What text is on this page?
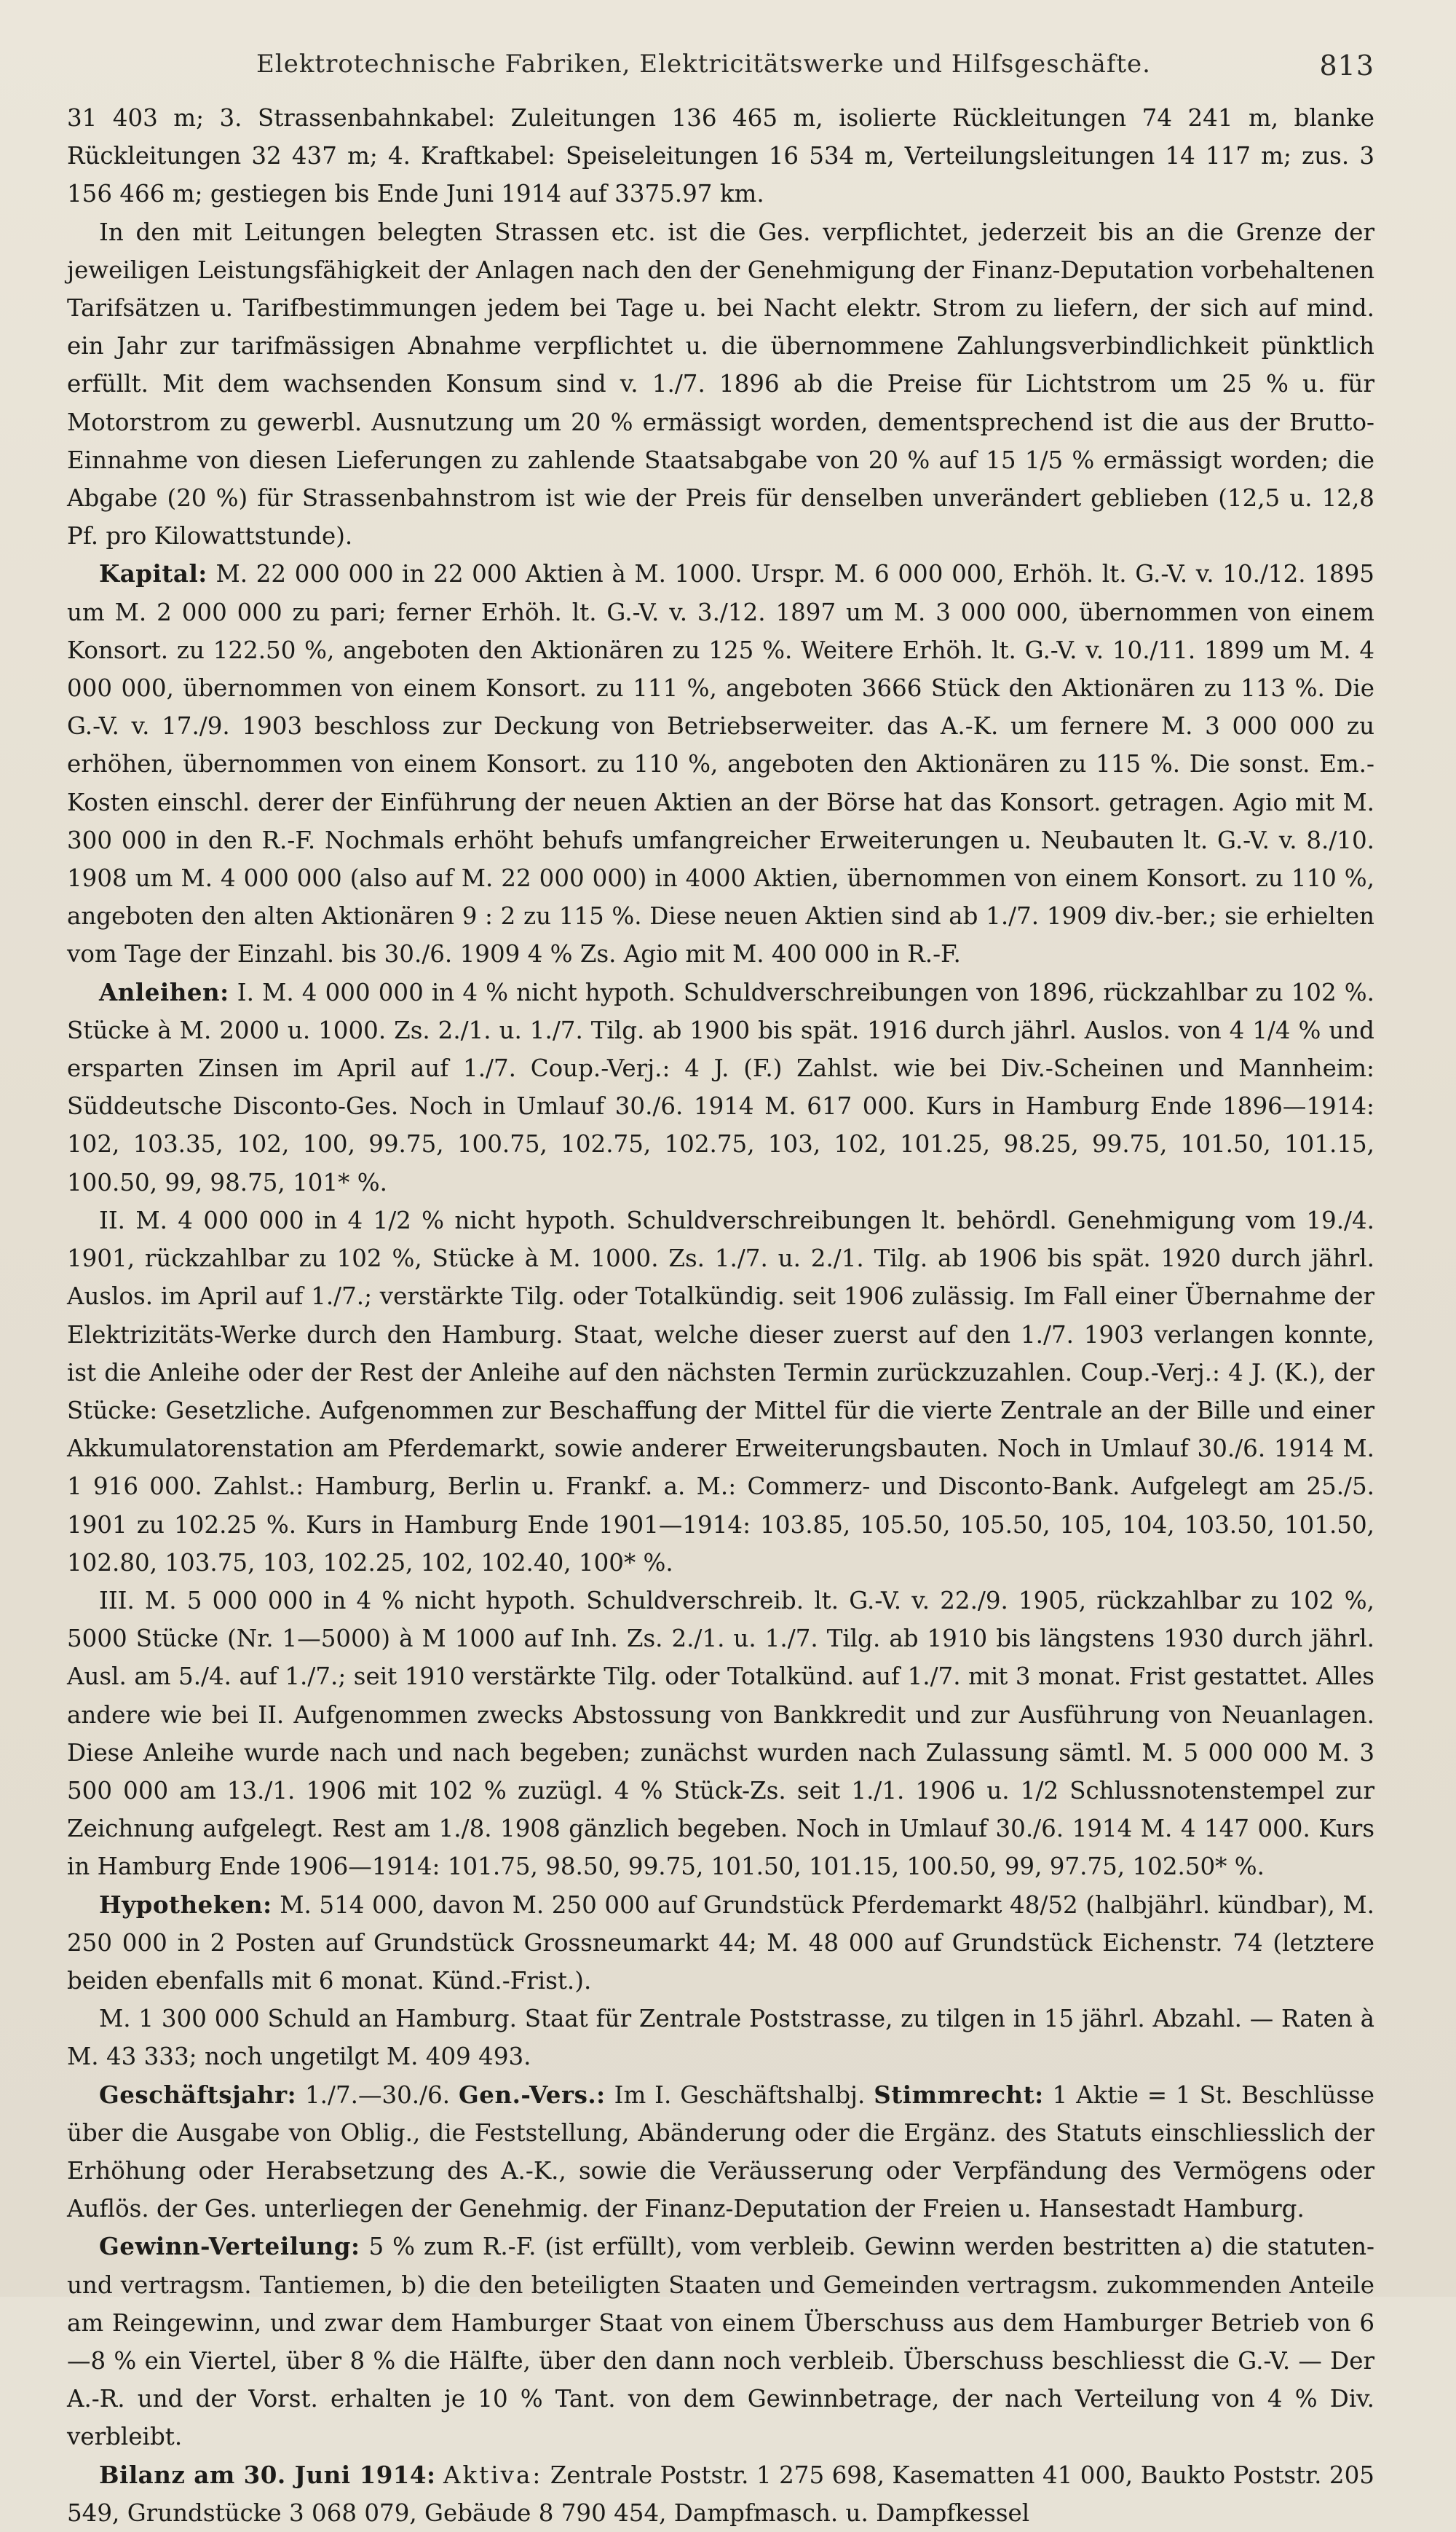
Elektrotechnische Fabriken, Elektricitätswerke und Hilfsgeschäfte.	813

31 403 m; 3. Strassenbahnkabel: Zuleitungen 136 465 m, isolierte Rückleitungen 74 241 m, blanke Rückleitungen 32 437 m; 4. Kraftkabel: Speiseleitungen 16 534 m, Verteilungsleitungen 14 117 m; zus. 3 156 466 m; gestiegen bis Ende Juni 1914 auf 3375.97 km.

In den mit Leitungen belegten Strassen etc. ist die Ges. verpflichtet, jederzeit bis an die Grenze der jeweiligen Leistungsfähigkeit der Anlagen nach den der Genehmigung der Finanz-Deputation vorbehaltenen Tarifsätzen u. Tarifbestimmungen jedem bei Tage u. bei Nacht elektr. Strom zu liefern, der sich auf mind. ein Jahr zur tarifmässigen Abnahme verpflichtet u. die übernommene Zahlungsverbindlichkeit pünktlich erfüllt. Mit dem wachsenden Konsum sind v. 1./7. 1896 ab die Preise für Lichtstrom um 25 % u. für Motorstrom zu gewerbl. Ausnutzung um 20 % ermässigt worden, dementsprechend ist die aus der Brutto-Einnahme von diesen Lieferungen zu zahlende Staatsabgabe von 20 % auf 15 1/5 % ermässigt worden; die Abgabe (20 %) für Strassenbahnstrom ist wie der Preis für denselben unverändert geblieben (12,5 u. 12,8 Pf. pro Kilowattstunde).

Kapital: M. 22 000 000 in 22 000 Aktien à M. 1000. Urspr. M. 6 000 000, Erhöh. lt. G.-V. v. 10./12. 1895 um M. 2 000 000 zu pari; ferner Erhöh. lt. G.-V. v. 3./12. 1897 um M. 3 000 000, übernommen von einem Konsort. zu 122.50 %, angeboten den Aktionären zu 125 %. Weitere Erhöh. lt. G.-V. v. 10./11. 1899 um M. 4 000 000, übernommen von einem Konsort. zu 111 %, angeboten 3666 Stück den Aktionären zu 113 %. Die G.-V. v. 17./9. 1903 beschloss zur Deckung von Betriebserweiter. das A.-K. um fernere M. 3 000 000 zu erhöhen, übernommen von einem Konsort. zu 110 %, angeboten den Aktionären zu 115 %. Die sonst. Em.-Kosten einschl. derer der Einführung der neuen Aktien an der Börse hat das Konsort. getragen. Agio mit M. 300 000 in den R.-F. Nochmals erhöht behufs umfangreicher Erweiterungen u. Neubauten lt. G.-V. v. 8./10. 1908 um M. 4 000 000 (also auf M. 22 000 000) in 4000 Aktien, übernommen von einem Konsort. zu 110 %, angeboten den alten Aktionären 9 : 2 zu 115 %. Diese neuen Aktien sind ab 1./7. 1909 div.-ber.; sie erhielten vom Tage der Einzahl. bis 30./6. 1909 4 % Zs. Agio mit M. 400 000 in R.-F.

Anleihen: I. M. 4 000 000 in 4 % nicht hypoth. Schuldverschreibungen von 1896, rückzahlbar zu 102 %. Stücke à M. 2000 u. 1000. Zs. 2./1. u. 1./7. Tilg. ab 1900 bis spät. 1916 durch jährl. Auslos. von 4 1/4 % und ersparten Zinsen im April auf 1./7. Coup.-Verj.: 4 J. (F.) Zahlst. wie bei Div.-Scheinen und Mannheim: Süddeutsche Disconto-Ges. Noch in Umlauf 30./6. 1914 M. 617 000. Kurs in Hamburg Ende 1896—1914: 102, 103.35, 102, 100, 99.75, 100.75, 102.75, 102.75, 103, 102, 101.25, 98.25, 99.75, 101.50, 101.15, 100.50, 99, 98.75, 101* %.

II. M. 4 000 000 in 4 1/2 % nicht hypoth. Schuldverschreibungen lt. behördl. Genehmigung vom 19./4. 1901, rückzahlbar zu 102 %, Stücke à M. 1000. Zs. 1./7. u. 2./1. Tilg. ab 1906 bis spät. 1920 durch jährl. Auslos. im April auf 1./7.; verstärkte Tilg. oder Totalkündig. seit 1906 zulässig. Im Fall einer Übernahme der Elektrizitäts-Werke durch den Hamburg. Staat, welche dieser zuerst auf den 1./7. 1903 verlangen konnte, ist die Anleihe oder der Rest der Anleihe auf den nächsten Termin zurückzuzahlen. Coup.-Verj.: 4 J. (K.), der Stücke: Gesetzliche. Aufgenommen zur Beschaffung der Mittel für die vierte Zentrale an der Bille und einer Akkumulatorenstation am Pferdemarkt, sowie anderer Erweiterungsbauten. Noch in Umlauf 30./6. 1914 M. 1 916 000. Zahlst.: Hamburg, Berlin u. Frankf. a. M.: Commerz- und Disconto-Bank. Aufgelegt am 25./5. 1901 zu 102.25 %. Kurs in Hamburg Ende 1901—1914: 103.85, 105.50, 105.50, 105, 104, 103.50, 101.50, 102.80, 103.75, 103, 102.25, 102, 102.40, 100* %.

III. M. 5 000 000 in 4 % nicht hypoth. Schuldverschreib. lt. G.-V. v. 22./9. 1905, rückzahlbar zu 102 %, 5000 Stücke (Nr. 1—5000) à M 1000 auf Inh. Zs. 2./1. u. 1./7. Tilg. ab 1910 bis längstens 1930 durch jährl. Ausl. am 5./4. auf 1./7.; seit 1910 verstärkte Tilg. oder Totalkünd. auf 1./7. mit 3 monat. Frist gestattet. Alles andere wie bei II. Aufgenommen zwecks Abstossung von Bankkredit und zur Ausführung von Neuanlagen. Diese Anleihe wurde nach und nach begeben; zunächst wurden nach Zulassung sämtl. M. 5 000 000 M. 3 500 000 am 13./1. 1906 mit 102 % zuzügl. 4 % Stück-Zs. seit 1./1. 1906 u. 1/2 Schlussnotenstempel zur Zeichnung aufgelegt. Rest am 1./8. 1908 gänzlich begeben. Noch in Umlauf 30./6. 1914 M. 4 147 000. Kurs in Hamburg Ende 1906—1914: 101.75, 98.50, 99.75, 101.50, 101.15, 100.50, 99, 97.75, 102.50* %.

Hypotheken: M. 514 000, davon M. 250 000 auf Grundstück Pferdemarkt 48/52 (halbjährl. kündbar), M. 250 000 in 2 Posten auf Grundstück Grossneumarkt 44; M. 48 000 auf Grundstück Eichenstr. 74 (letztere beiden ebenfalls mit 6 monat. Künd.-Frist.).

M. 1 300 000 Schuld an Hamburg. Staat für Zentrale Poststrasse, zu tilgen in 15 jährl. Abzahl. — Raten à M. 43 333; noch ungetilgt M. 409 493.

Geschäftsjahr: 1./7.—30./6. Gen.-Vers.: Im I. Geschäftshalbj. Stimmrecht: 1 Aktie = 1 St. Beschlüsse über die Ausgabe von Oblig., die Feststellung, Abänderung oder die Ergänz. des Statuts einschliesslich der Erhöhung oder Herabsetzung des A.-K., sowie die Veräusserung oder Verpfändung des Vermögens oder Auflös. der Ges. unterliegen der Genehmig. der Finanz-Deputation der Freien u. Hansestadt Hamburg.

Gewinn-Verteilung: 5 % zum R.-F. (ist erfüllt), vom verbleib. Gewinn werden bestritten a) die statuten- und vertragsm. Tantiemen, b) die den beteiligten Staaten und Gemeinden vertragsm. zukommenden Anteile am Reingewinn, und zwar dem Hamburger Staat von einem Überschuss aus dem Hamburger Betrieb von 6—8 % ein Viertel, über 8 % die Hälfte, über den dann noch verbleib. Überschuss beschliesst die G.-V. — Der A.-R. und der Vorst. erhalten je 10 % Tant. von dem Gewinnbetrage, der nach Verteilung von 4 % Div. verbleibt.

Bilanz am 30. Juni 1914: Aktiva: Zentrale Poststr. 1 275 698, Kasematten 41 000, Baukto Poststr. 205 549, Grundstücke 3 068 079, Gebäude 8 790 454, Dampfmasch. u. Dampfkessel
